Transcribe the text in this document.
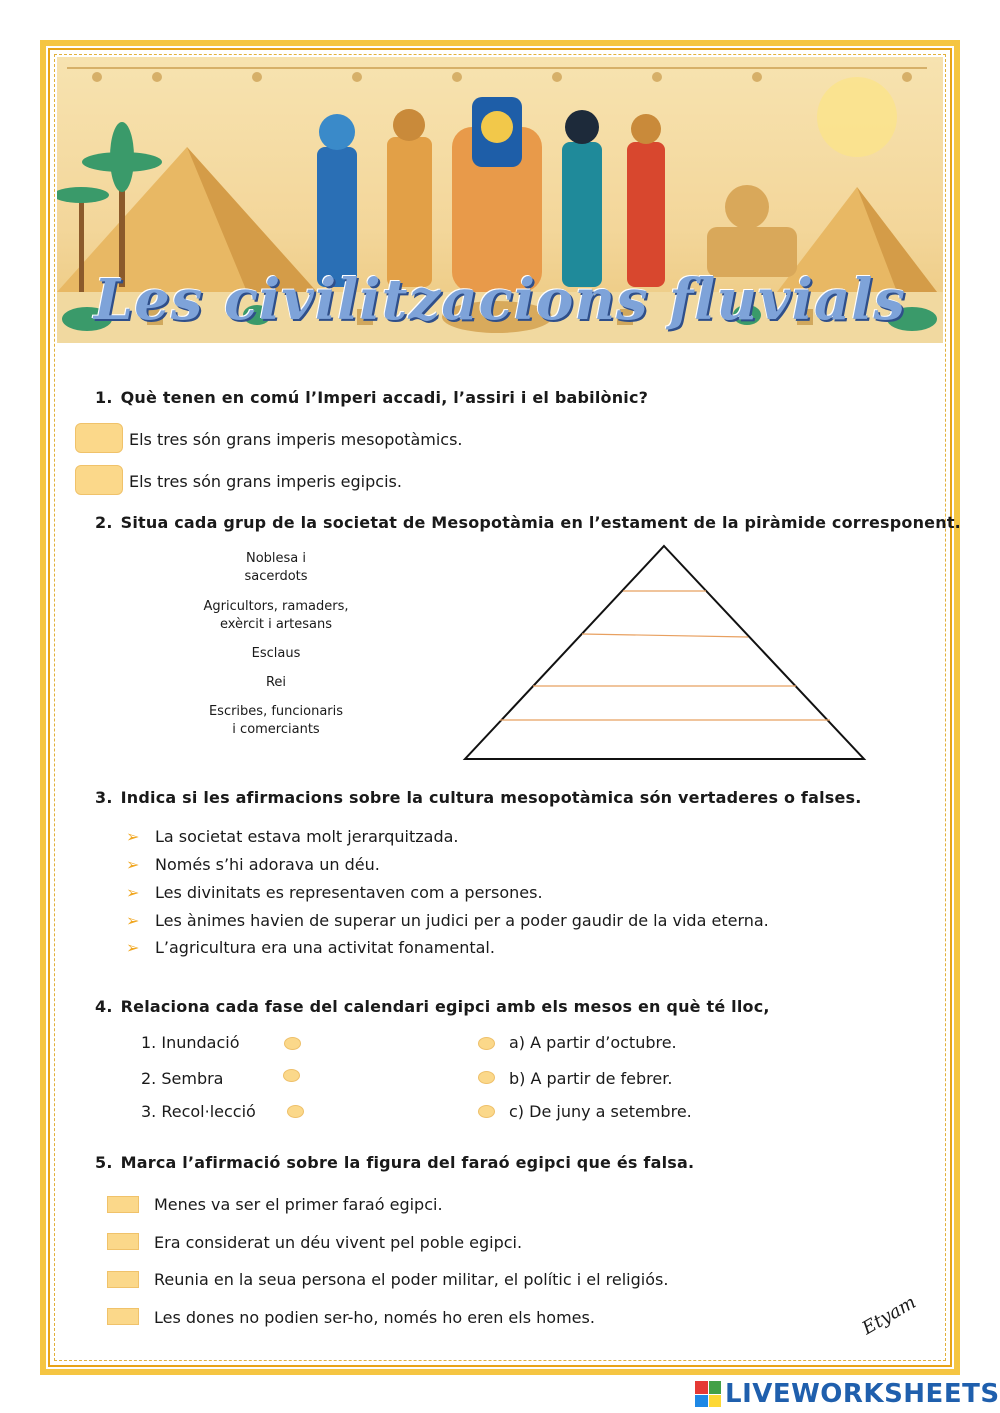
Les civilitzacions fluvials
1. Què tenen en comú l’Imperi accadi, l’assiri i el babilònic?
Els tres són grans imperis mesopotàmics.
Els tres són grans imperis egipcis.
2. Situa cada grup de la societat de Mesopotàmia en l’estament de la piràmide corresponent.
Noblesa i
sacerdots
Agricultors, ramaders,
exèrcit i artesans
Esclaus
Rei
Escribes, funcionaris
i comerciants
3. Indica si les afirmacions sobre la cultura mesopotàmica són vertaderes o falses.
➢ La societat estava molt jerarquitzada.
➢ Només s’hi adorava un déu.
➢ Les divinitats es representaven com a persones.
➢ Les ànimes havien de superar un judici per a poder gaudir de la vida eterna.
➢ L’agricultura era una activitat fonamental.
4. Relaciona cada fase del calendari egipci amb els mesos en què té lloc,
1. Inundació
2. Sembra
3. Recol·lecció
a) A partir d’octubre.
b) A partir de febrer.
c) De juny a setembre.
5. Marca l’afirmació sobre la figura del faraó egipci que és falsa.
Menes va ser el primer faraó egipci.
Era considerat un déu vivent pel poble egipci.
Reunia en la seua persona el poder militar, el polític i el religiós.
Les dones no podien ser-ho, només ho eren els homes.	Etyam
LIVEWORKSHEETS
